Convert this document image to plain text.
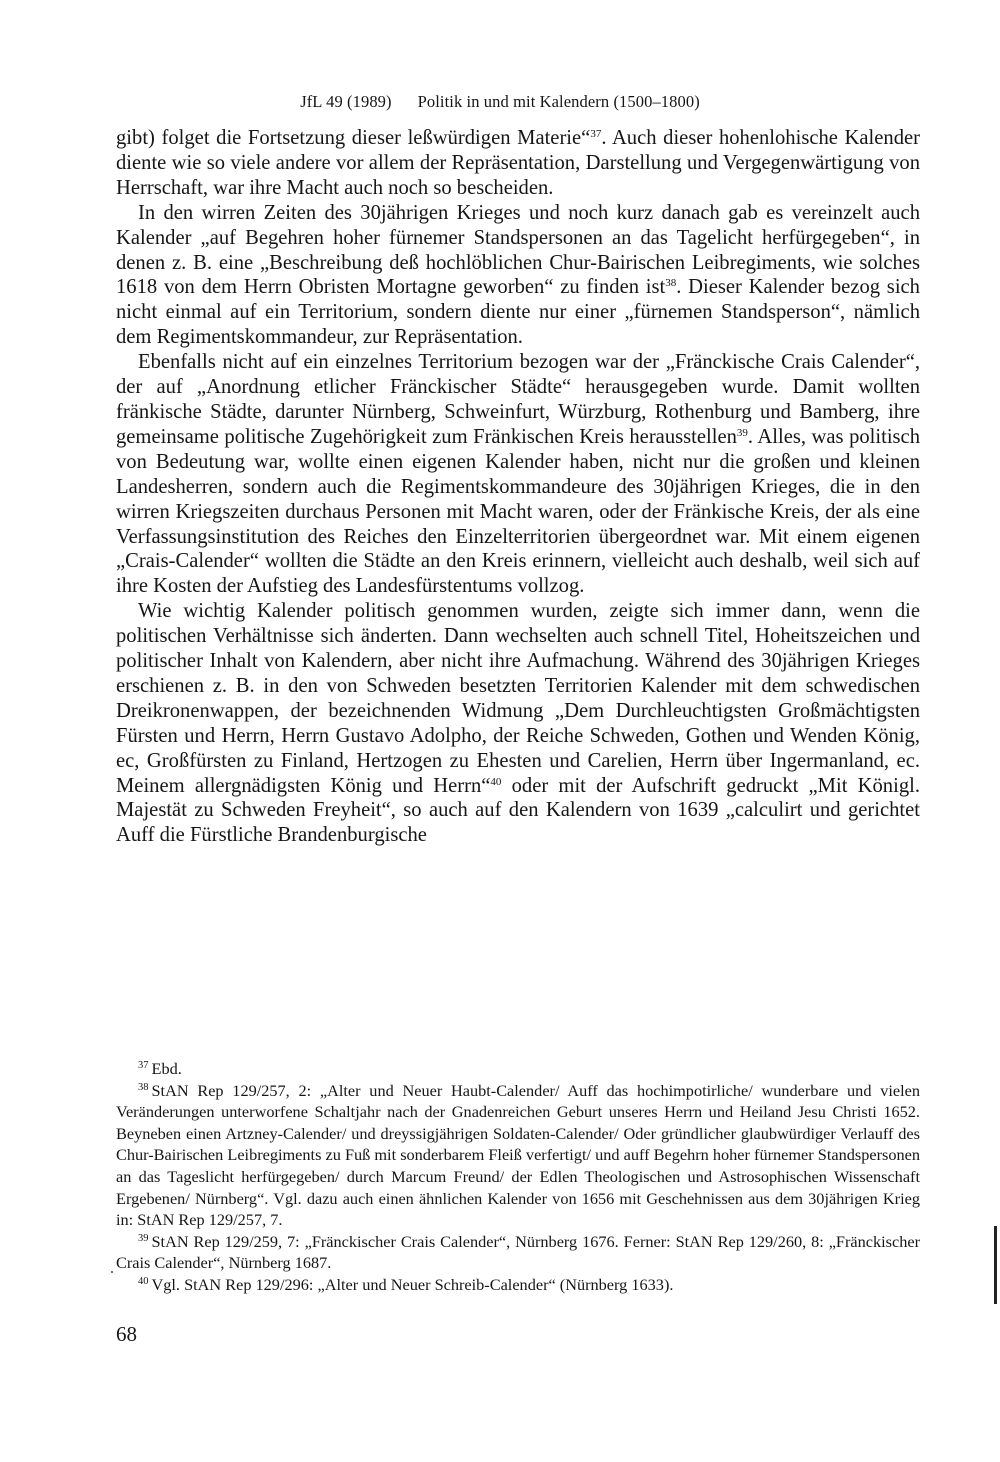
JfL 49 (1989) Politik in und mit Kalendern (1500–1800)

gibt) folget die Fortsetzung dieser leßwürdigen Materie“$^{37}$. Auch dieser hohenlohische Kalender diente wie so viele andere vor allem der Repräsentation, Darstellung und Vergegenwärtigung von Herrschaft, war ihre Macht auch noch so bescheiden.

In den wirren Zeiten des 30jährigen Krieges und noch kurz danach gab es vereinzelt auch Kalender „auf Begehren hoher fürnemer Standspersonen an das Tagelicht herfürgegeben“, in denen z. B. eine „Beschreibung deß hochlöblichen Chur-Bairischen Leibregiments, wie solches 1618 von dem Herrn Obristen Mortagne geworben“ zu finden ist$^{38}$. Dieser Kalender bezog sich nicht einmal auf ein Territorium, sondern diente nur einer „fürnemen Standsperson“, nämlich dem Regimentskommandeur, zur Repräsentation.

Ebenfalls nicht auf ein einzelnes Territorium bezogen war der „Fränckische Crais Calender“, der auf „Anordnung etlicher Fränckischer Städte“ herausgegeben wurde. Damit wollten fränkische Städte, darunter Nürnberg, Schweinfurt, Würzburg, Rothenburg und Bamberg, ihre gemeinsame politische Zugehörigkeit zum Fränkischen Kreis herausstellen$^{39}$. Alles, was politisch von Bedeutung war, wollte einen eigenen Kalender haben, nicht nur die großen und kleinen Landesherren, sondern auch die Regimentskommandeure des 30jährigen Krieges, die in den wirren Kriegszeiten durchaus Personen mit Macht waren, oder der Fränkische Kreis, der als eine Verfassungsinstitution des Reiches den Einzelterritorien übergeordnet war. Mit einem eigenen „Crais-Calender“ wollten die Städte an den Kreis erinnern, vielleicht auch deshalb, weil sich auf ihre Kosten der Aufstieg des Landesfürstentums vollzog.

Wie wichtig Kalender politisch genommen wurden, zeigte sich immer dann, wenn die politischen Verhältnisse sich änderten. Dann wechselten auch schnell Titel, Hoheitszeichen und politischer Inhalt von Kalendern, aber nicht ihre Aufmachung. Während des 30jährigen Krieges erschienen z. B. in den von Schweden besetzten Territorien Kalender mit dem schwedischen Dreikronenwappen, der bezeichnenden Widmung „Dem Durchleuchtigsten Großmächtigsten Fürsten und Herrn, Herrn Gustavo Adolpho, der Reiche Schweden, Gothen und Wenden König, ec, Großfürsten zu Finland, Hertzogen zu Ehesten und Carelien, Herrn über Ingermanland, ec. Meinem allergnädigsten König und Herrn“$^{40}$ oder mit der Aufschrift gedruckt „Mit Königl. Majestät zu Schweden Freyheit“, so auch auf den Kalendern von 1639 „calculirt und gerichtet Auff die Fürstliche Brandenburgische

$^{37}$ Ebd.

$^{38}$ StAN Rep 129/257, 2: „Alter und Neuer Haubt-Calender/ Auff das hochimpotirliche/ wunderbare und vielen Veränderungen unterworfene Schaltjahr nach der Gnadenreichen Geburt unseres Herrn und Heiland Jesu Christi 1652. Beyneben einen Artzney-Calender/ und dreyssigjährigen Soldaten-Calender/ Oder gründlicher glaubwürdiger Verlauff des Chur-Bairischen Leibregiments zu Fuß mit sonderbarem Fleiß verfertigt/ und auff Begehrn hoher fürnemer Standspersonen an das Tageslicht herfürgegeben/ durch Marcum Freund/ der Edlen Theologischen und Astrosophischen Wissenschaft Ergebenen/ Nürnberg“. Vgl. dazu auch einen ähnlichen Kalender von 1656 mit Geschehnissen aus dem 30jährigen Krieg in: StAN Rep 129/257, 7.

$^{39}$ StAN Rep 129/259, 7: „Fränckischer Crais Calender“, Nürnberg 1676. Ferner: StAN Rep 129/260, 8: „Fränckischer Crais Calender“, Nürnberg 1687.

$^{40}$ Vgl. StAN Rep 129/296: „Alter und Neuer Schreib-Calender“ (Nürnberg 1633).

68
